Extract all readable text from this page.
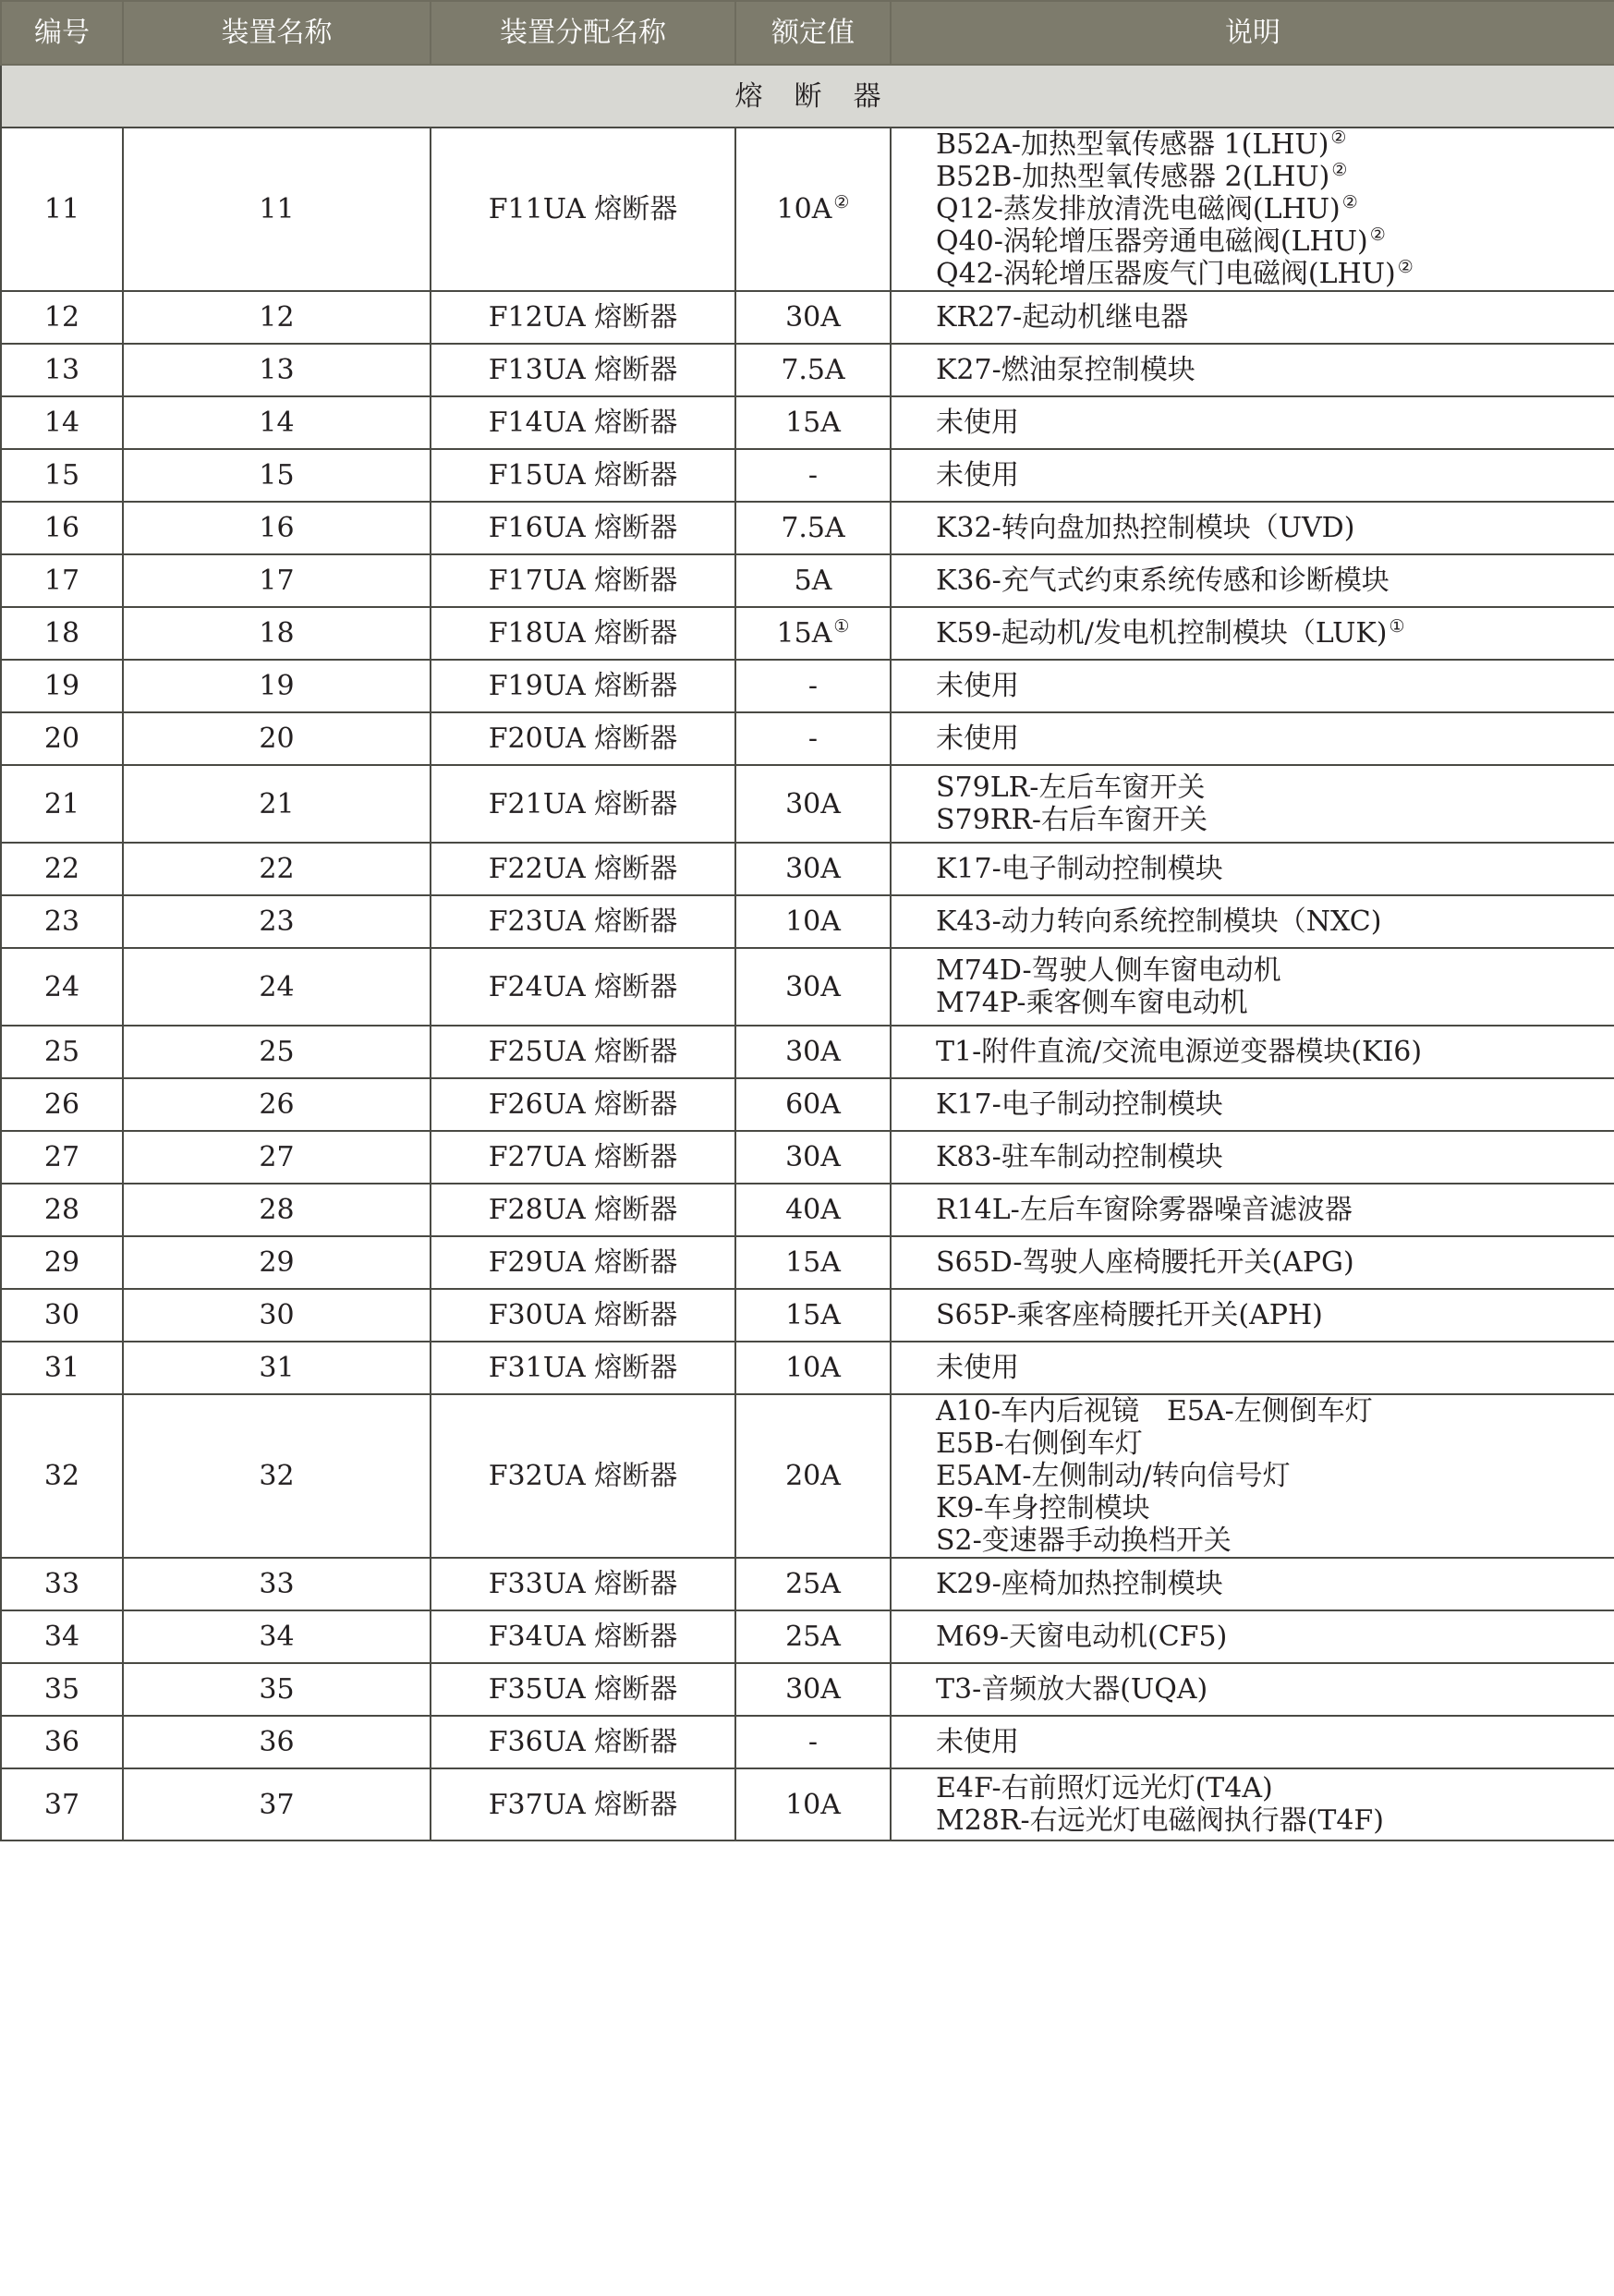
编号	装置名称	装置分配名称	额定值	说明
熔断器				
11	11	F11UA 熔断器	10A ②	B52A-加热型氧传感器 1(LHU) ②
B52B-加热型氧传感器 2(LHU) ②
Q12-蒸发排放清洗电磁阀(LHU) ②
Q40-涡轮增压器旁通电磁阀(LHU) ②
Q42-涡轮增压器废气门电磁阀(LHU) ②

12	12	F12UA 熔断器	30A	KR27-起动机继电器

13	13	F13UA 熔断器	7.5A	K27-燃油泵控制模块

14	14	F14UA 熔断器	15A	未使用

15	15	F15UA 熔断器	-	未使用

16	16	F16UA 熔断器	7.5A	K32-转向盘加热控制模块（UVD)

17	17	F17UA 熔断器	5A	K36-充气式约束系统传感和诊断模块

18	18	F18UA 熔断器	15A ①	K59-起动机/发电机控制模块（LUK) ①

19	19	F19UA 熔断器	-	未使用

20	20	F20UA 熔断器	-	未使用

21	21	F21UA 熔断器	30A	S79LR-左后车窗开关
S79RR-右后车窗开关

22	22	F22UA 熔断器	30A	K17-电子制动控制模块

23	23	F23UA 熔断器	10A	K43-动力转向系统控制模块（NXC)

24	24	F24UA 熔断器	30A	M74D-驾驶人侧车窗电动机
M74P-乘客侧车窗电动机

25	25	F25UA 熔断器	30A	T1-附件直流/交流电源逆变器模块(KI6)

26	26	F26UA 熔断器	60A	K17-电子制动控制模块

27	27	F27UA 熔断器	30A	K83-驻车制动控制模块

28	28	F28UA 熔断器	40A	R14L-左后车窗除雾器噪音滤波器

29	29	F29UA 熔断器	15A	S65D-驾驶人座椅腰托开关(APG)

30	30	F30UA 熔断器	15A	S65P-乘客座椅腰托开关(APH)

31	31	F31UA 熔断器	10A	未使用

32	32	F32UA 熔断器	20A	A10-车内后视镜　E5A-左侧倒车灯
E5B-右侧倒车灯
E5AM-左侧制动/转向信号灯
K9-车身控制模块
S2-变速器手动换档开关

33	33	F33UA 熔断器	25A	K29-座椅加热控制模块

34	34	F34UA 熔断器	25A	M69-天窗电动机(CF5)

35	35	F35UA 熔断器	30A	T3-音频放大器(UQA)

36	36	F36UA 熔断器	-	未使用

37	37	F37UA 熔断器	10A	E4F-右前照灯远光灯(T4A)
M28R-右远光灯电磁阀执行器(T4F)
